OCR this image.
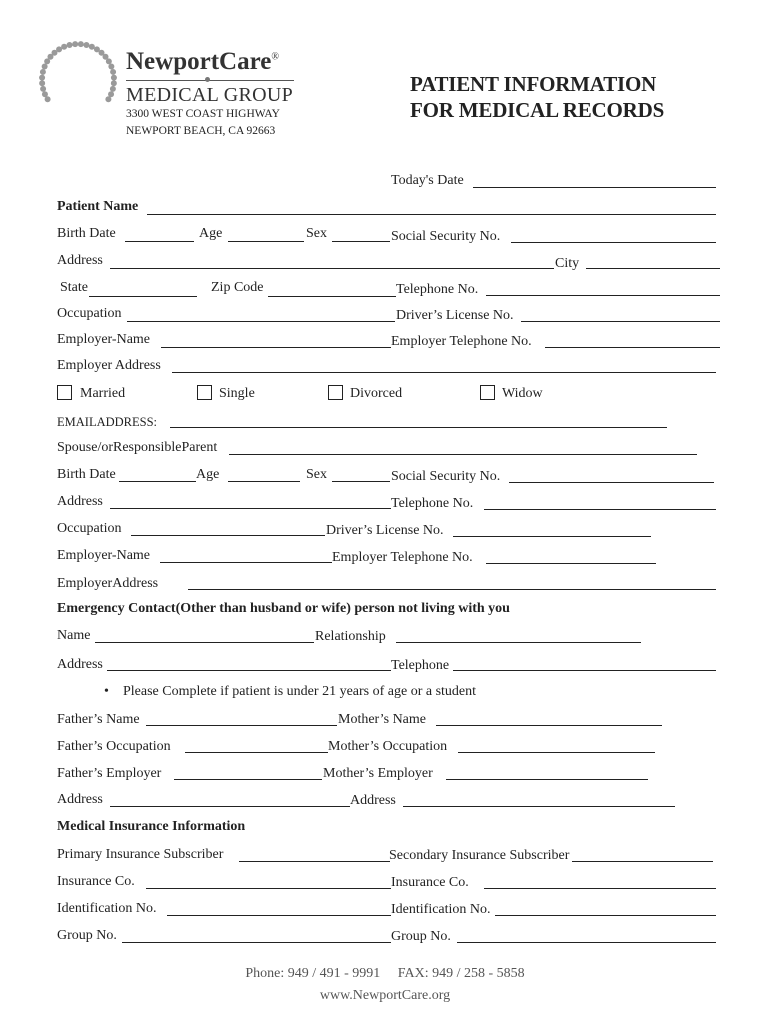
NewportCare®
MEDICAL GROUP
3300 WEST COAST HIGHWAY
NEWPORT BEACH, CA 92663
PATIENT INFORMATION
FOR MEDICAL RECORDS
Today's Date
Patient Name
Birth Date	Age	Sex	Social Security No.
Address	City
State	Zip Code	Telephone No.
Occupation	Driver’s License No.
Employer-Name	Employer Telephone No.
Employer Address
Married	Single	Divorced	Widow
EMAILADDRESS:
Spouse/orResponsibleParent
Birth Date	Age	Sex	Social Security No.
Address	Telephone No.
Occupation	Driver’s License No.
Employer-Name	Employer Telephone No.
EmployerAddress
Emergency Contact(Other than husband or wife) person not living with you
Name	Relationship
Address	Telephone
• Please Complete if patient is under 21 years of age or a student
Father’s Name	Mother’s Name
Father’s Occupation	Mother’s Occupation
Father’s Employer	Mother’s Employer
Address	Address
Medical Insurance Information
Primary Insurance Subscriber	Secondary Insurance Subscriber
Insurance Co.	Insurance Co.
Identification No.	Identification No.
Group No.	Group No.
Phone: 949 / 491 - 9991     FAX: 949 / 258 - 5858
www.NewportCare.org
